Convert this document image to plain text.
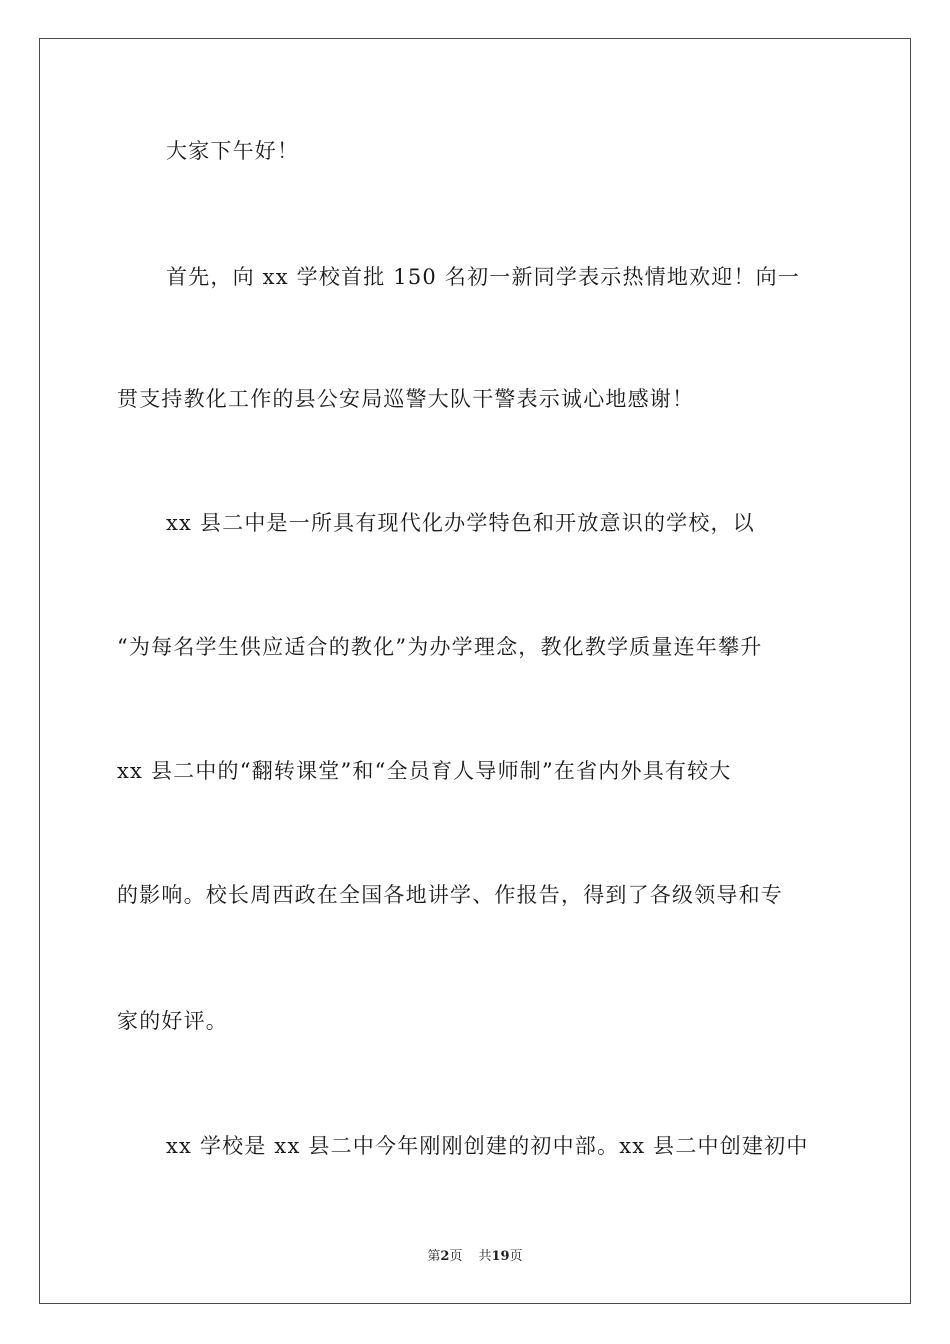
大家下午好！

首先，向 xx 学校首批 150 名初一新同学表示热情地欢迎！向一

贯支持教化工作的县公安局巡警大队干警表示诚心地感谢！

xx 县二中是一所具有现代化办学特色和开放意识的学校，以

“为每名学生供应适合的教化”为办学理念，教化教学质量连年攀升

xx 县二中的“翻转课堂”和“全员育人导师制”在省内外具有较大

的影响。校长周西政在全国各地讲学、作报告，得到了各级领导和专

家的好评。

xx 学校是 xx 县二中今年刚刚创建的初中部。xx 县二中创建初中

第2页 共19页
